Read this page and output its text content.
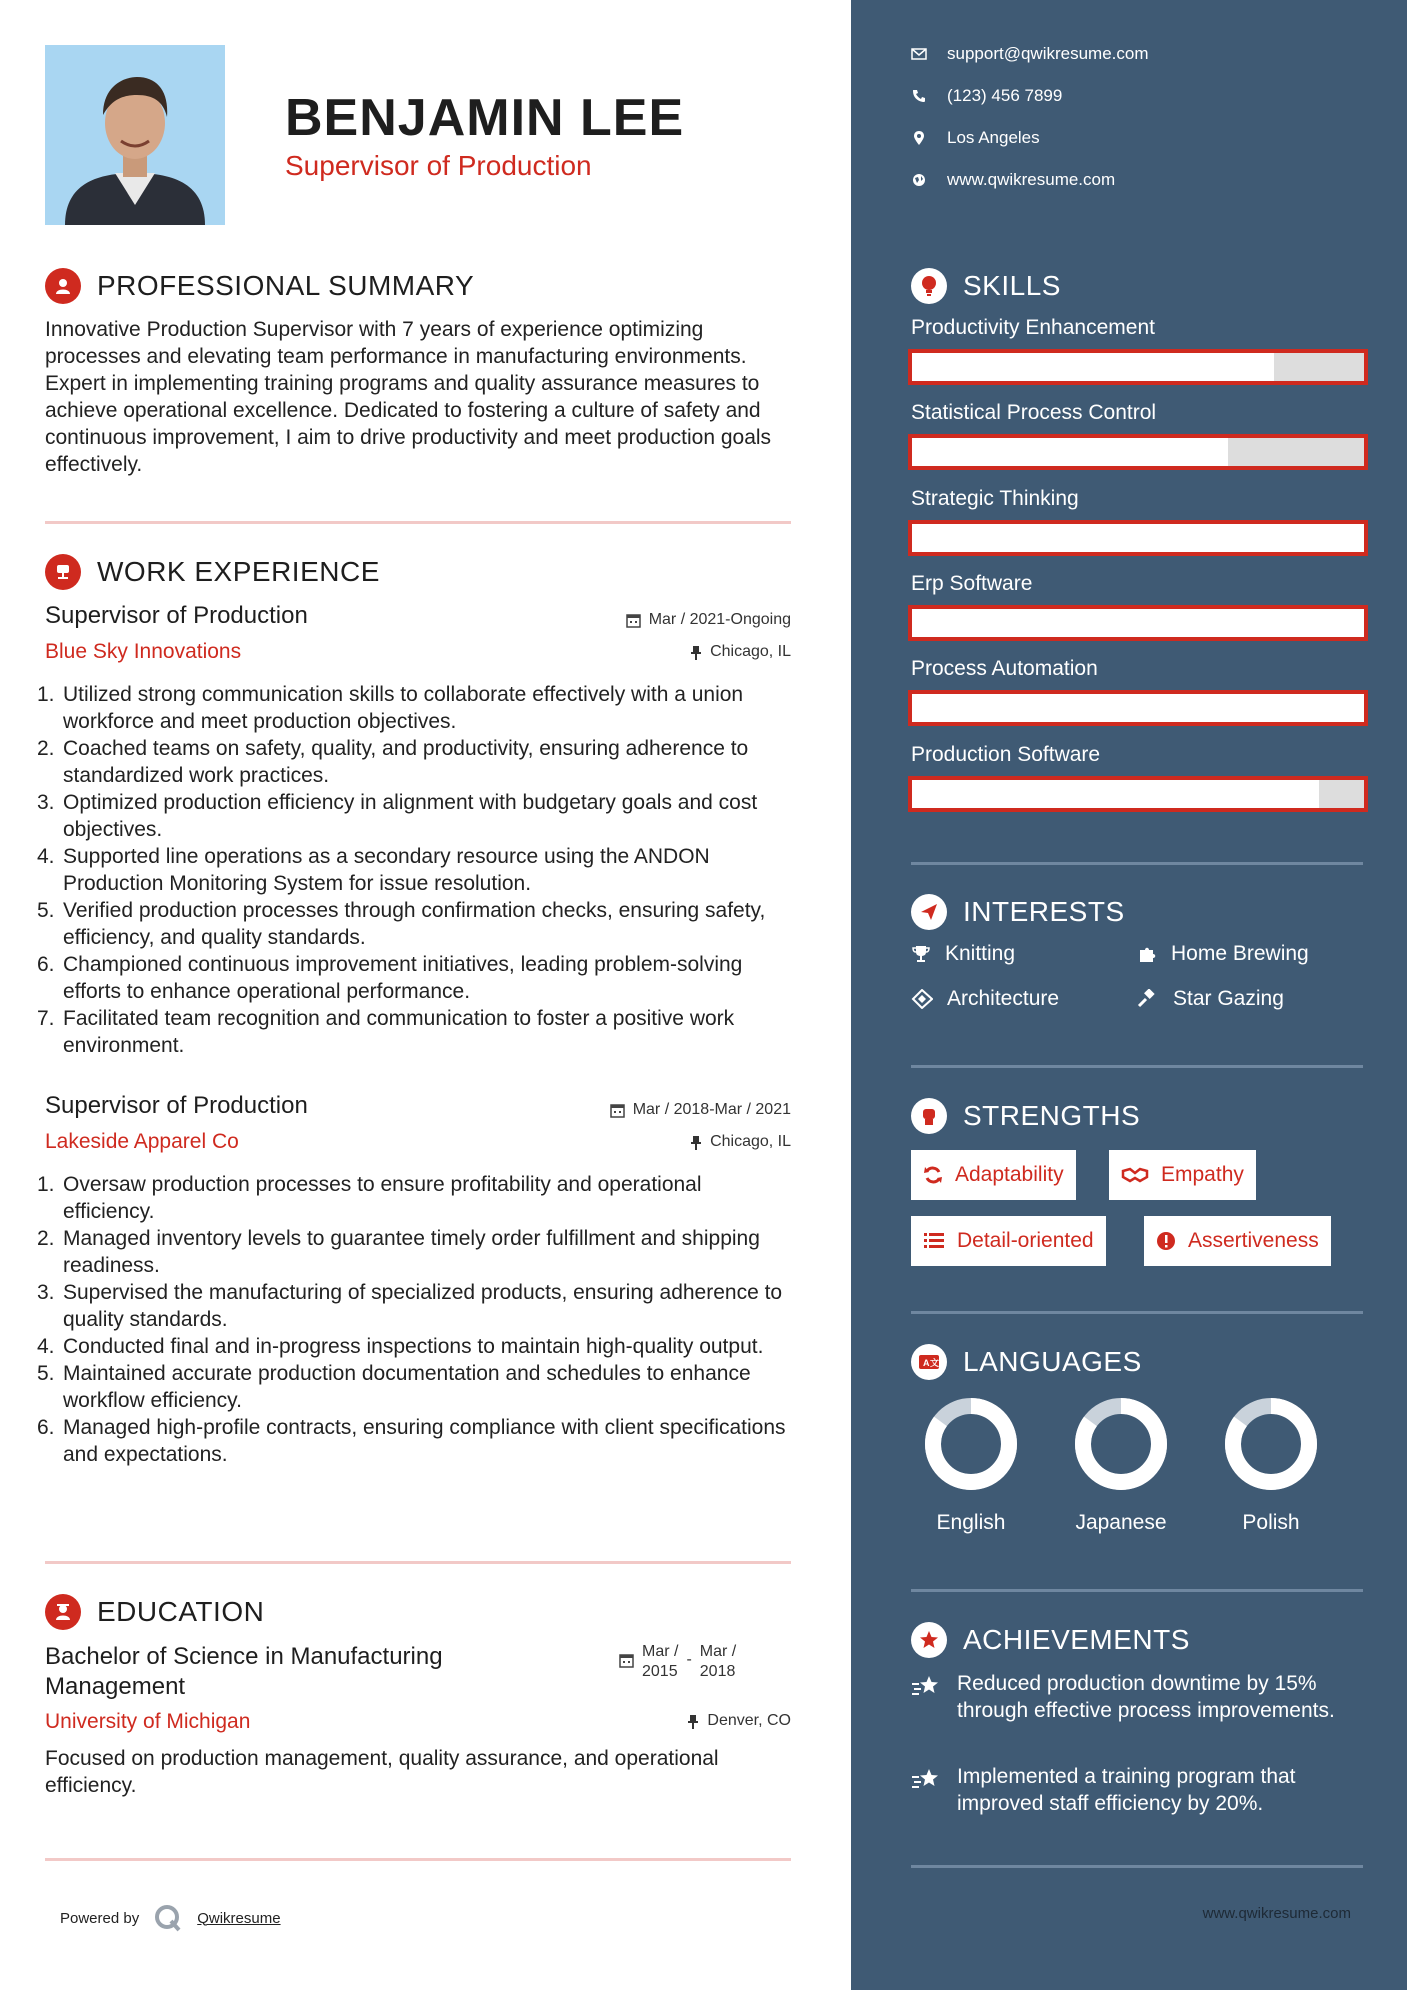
BENJAMIN LEE
Supervisor of Production
PROFESSIONAL SUMMARY
Innovative Production Supervisor with 7 years of experience optimizing processes and elevating team performance in manufacturing environments. Expert in implementing training programs and quality assurance measures to achieve operational excellence. Dedicated to fostering a culture of safety and continuous improvement, I aim to drive productivity and meet production goals effectively.
WORK EXPERIENCE
Supervisor of Production	Mar / 2021-Ongoing
Blue Sky Innovations	Chicago, IL
1. Utilized strong communication skills to collaborate effectively with a union workforce and meet production objectives.
2. Coached teams on safety, quality, and productivity, ensuring adherence to standardized work practices.
3. Optimized production efficiency in alignment with budgetary goals and cost objectives.
4. Supported line operations as a secondary resource using the ANDON Production Monitoring System for issue resolution.
5. Verified production processes through confirmation checks, ensuring safety, efficiency, and quality standards.
6. Championed continuous improvement initiatives, leading problem-solving efforts to enhance operational performance.
7. Facilitated team recognition and communication to foster a positive work environment.
Supervisor of Production	Mar / 2018-Mar / 2021
Lakeside Apparel Co	Chicago, IL
1. Oversaw production processes to ensure profitability and operational efficiency.
2. Managed inventory levels to guarantee timely order fulfillment and shipping readiness.
3. Supervised the manufacturing of specialized products, ensuring adherence to quality standards.
4. Conducted final and in-progress inspections to maintain high-quality output.
5. Maintained accurate production documentation and schedules to enhance workflow efficiency.
6. Managed high-profile contracts, ensuring compliance with client specifications and expectations.
EDUCATION
Bachelor of Science in Manufacturing
Management
Mar /
2015
- Mar /
2018
University of Michigan	Denver, CO
Focused on production management, quality assurance, and operational efficiency.
Powered by	Qwikresume
support@qwikresume.com
(123) 456 7899
Los Angeles
www.qwikresume.com
SKILLS
Productivity Enhancement
Statistical Process Control
Strategic Thinking
Erp Software
Process Automation
Production Software
INTERESTS
Knitting	Home Brewing
Architecture	Star Gazing
STRENGTHS
Adaptability	Empathy
Detail-oriented	Assertiveness
A 文 LANGUAGES
English	Japanese	Polish
ACHIEVEMENTS
Reduced production downtime by 15% through effective process improvements.
Implemented a training program that improved staff efficiency by 20%.
www.qwikresume.com
